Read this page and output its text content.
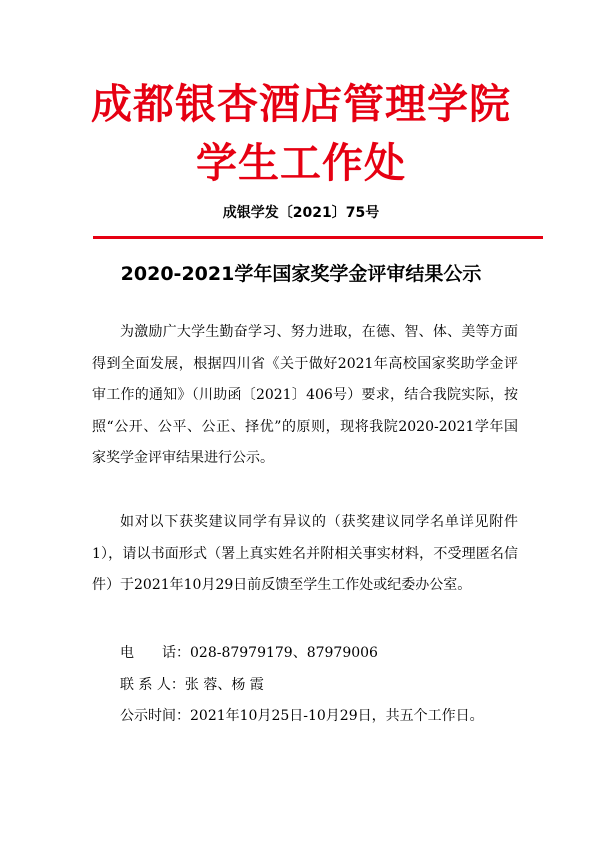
成都银杏酒店管理学院
学生工作处
成银学发〔2021〕75号
2020-2021学年国家奖学金评审结果公示

为激励广大学生勤奋学习、努力进取，在德、智、体、美等方面得到全面发展，根据四川省《关于做好2021年高校国家奖助学金评审工作的通知》（川助函〔2021〕406号）要求，结合我院实际，按照“公开、公平、公正、择优”的原则，现将我院2020-2021学年国家奖学金评审结果进行公示。

如对以下获奖建议同学有异议的（获奖建议同学名单详见附件1），请以书面形式（署上真实姓名并附相关事实材料，不受理匿名信件）于2021年10月29日前反馈至学生工作处或纪委办公室。

电　　话：028-87979179、87979006
联 系 人：张 蓉、杨 霞

公示时间：2021年10月25日-10月29日，共五个工作日。
